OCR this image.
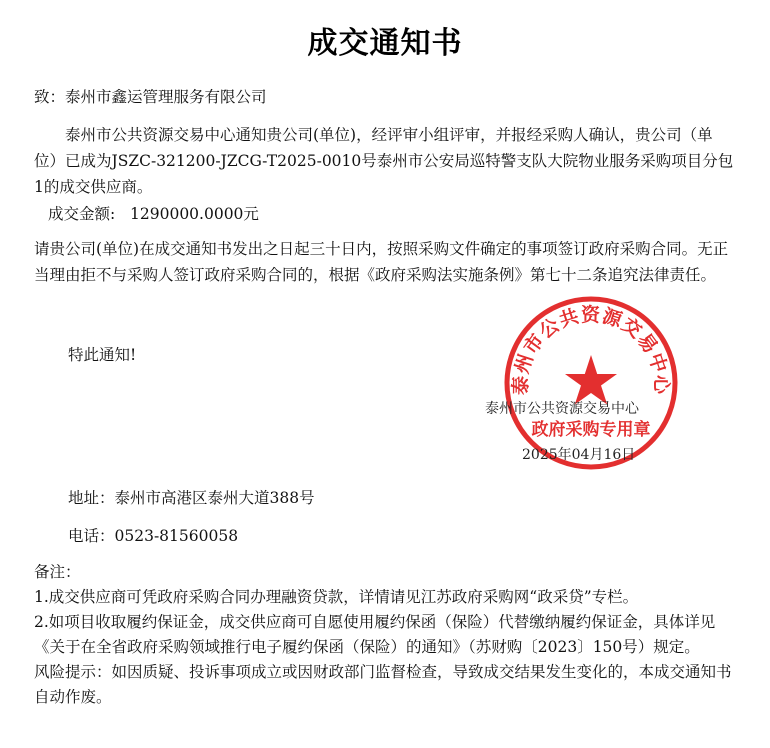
成交通知书
致：泰州市鑫运管理服务有限公司

泰州市公共资源交易中心通知贵公司(单位)，经评审小组评审，并报经采购人确认，贵公司（单位）已成为JSZC-321200-JZCG-T2025-0010号泰州市公安局巡特警支队大院物业服务采购项目分包1的成交供应商。

成交金额: 1290000.0000元

请贵公司(单位)在成交通知书发出之日起三十日内，按照采购文件确定的事项签订政府采购合同。无正当理由拒不与采购人签订政府采购合同的，根据《政府采购法实施条例》第七十二条追究法律责任。

特此通知!
泰州市公共资源交易中心
政府采购专用章
泰州市公共资源交易中心
2025年04月16日
地址：泰州市高港区泰州大道388号
电话：0523-81560058
备注：
1.成交供应商可凭政府采购合同办理融资贷款，详情请见江苏政府采购网“政采贷”专栏。
2.如项目收取履约保证金，成交供应商可自愿使用履约保函（保险）代替缴纳履约保证金，具体详见《关于在全省政府采购领域推行电子履约保函（保险）的通知》（苏财购〔2023〕150号）规定。
风险提示：如因质疑、投诉事项成立或因财政部门监督检查，导致成交结果发生变化的，本成交通知书自动作废。
